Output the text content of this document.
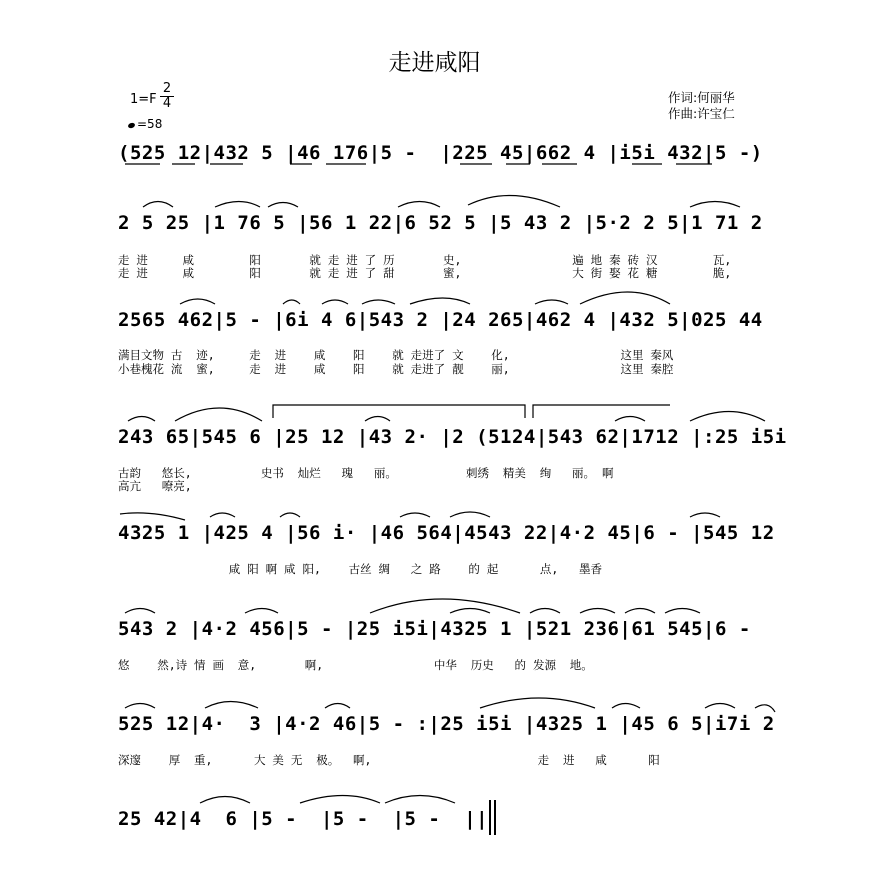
走进咸阳
1=F
2
4
=58
作词:何丽华
作曲:许宝仁
(525 12|432 5 |46 176|5 -  |225 45|662 4 |i5i 432|5 -)
2 5 25 |1 76 5 |56 1 22|6 52 5 |5 43 2 |5·2 2 5|1 71 2
走 进     咸        阳       就 走 进 了 历       史,                遍 地 秦 砖 汉        瓦,
走 进     咸        阳       就 走 进 了 甜       蜜,                大 街 娶 花 糖        脆,
2565 462|5 - |6i 4 6|543 2 |24 265|462 4 |432 5|025 44
满目文物 古  迹,     走  进    咸    阳    就 走进了 文    化,                这里 秦风
小巷槐花 流  蜜,     走  进    咸    阳    就 走进了 靓    丽,                这里 秦腔
243 65|545 6 |25 12 |43 2· |2 (5124|543 62|1712 |:25 i5i
古韵   悠长,          史书  灿烂   瑰   丽。          刺绣  精美  绚   丽。 啊
高亢   嘹亮,
4325 1 |425 4 |56 i· |46 564|4543 22|4·2 45|6 - |545 12
咸 阳 啊 咸 阳,    古丝 绸   之 路    的 起      点,   墨香
543 2 |4·2 456|5 - |25 i5i|4325 1 |521 236|61 545|6 -
悠    然,诗 情 画  意,       啊,                中华  历史   的 发源  地。
525 12|4·  3 |4·2 46|5 - :|25 i5i |4325 1 |45 6 5|i7i 2
深邃    厚  重,      大 美 无  极。  啊,                        走  进   咸      阳
25 42|4  6 |5 -  |5 -  |5 -  ||
